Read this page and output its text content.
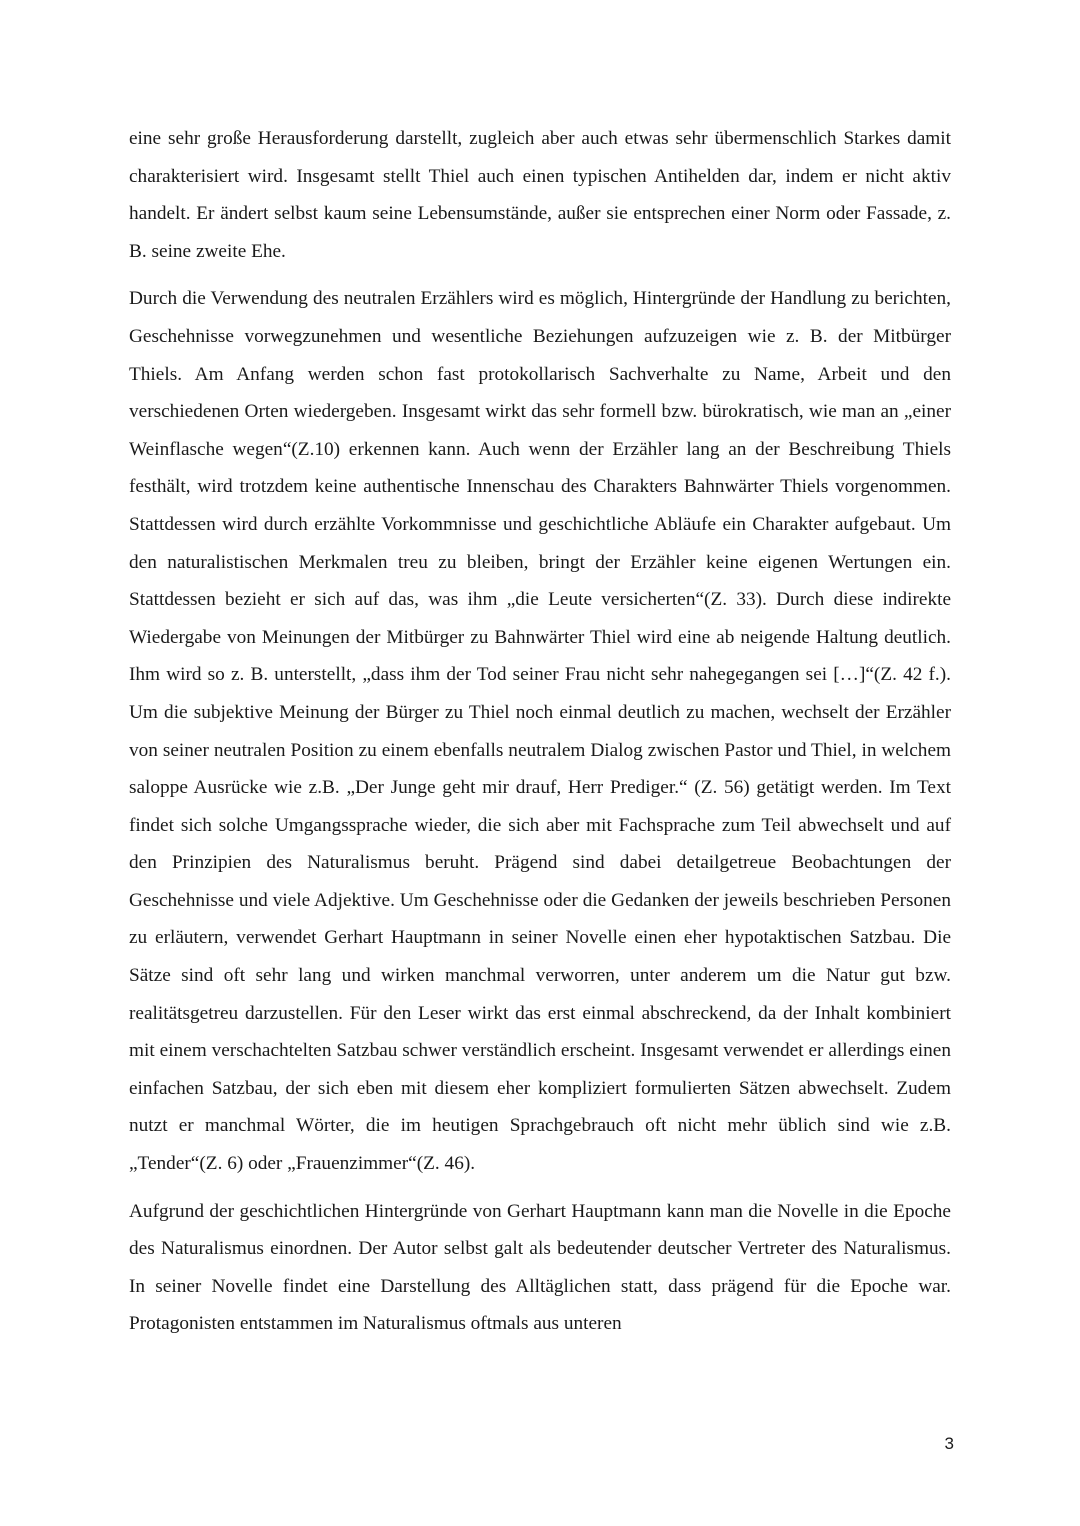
eine sehr große Herausforderung darstellt, zugleich aber auch etwas sehr übermenschlich Starkes damit charakterisiert wird. Insgesamt stellt Thiel auch einen typischen Antihelden dar, indem er nicht aktiv handelt. Er ändert selbst kaum seine Lebensumstände, außer sie entsprechen einer Norm oder Fassade, z. B. seine zweite Ehe.

Durch die Verwendung des neutralen Erzählers wird es möglich, Hintergründe der Handlung zu berichten, Geschehnisse vorwegzunehmen und wesentliche Beziehungen aufzuzeigen wie z. B. der Mitbürger Thiels. Am Anfang werden schon fast protokollarisch Sachverhalte zu Name, Arbeit und den verschiedenen Orten wiedergeben. Insgesamt wirkt das sehr formell bzw. bürokratisch, wie man an „einer Weinflasche wegen“(Z.10) erkennen kann. Auch wenn der Erzähler lang an der Beschreibung Thiels festhält, wird trotzdem keine authentische Innenschau des Charakters Bahnwärter Thiels vorgenommen. Stattdessen wird durch erzählte Vorkommnisse und geschichtliche Abläufe ein Charakter aufgebaut. Um den naturalistischen Merkmalen treu zu bleiben, bringt der Erzähler keine eigenen Wertungen ein. Stattdessen bezieht er sich auf das, was ihm „die Leute versicherten“(Z. 33). Durch diese indirekte Wiedergabe von Meinungen der Mitbürger zu Bahnwärter Thiel wird eine ab neigende Haltung deutlich. Ihm wird so z. B. unterstellt, „dass ihm der Tod seiner Frau nicht sehr nahegegangen sei […]“(Z. 42 f.). Um die subjektive Meinung der Bürger zu Thiel noch einmal deutlich zu machen, wechselt der Erzähler von seiner neutralen Position zu einem ebenfalls neutralem Dialog zwischen Pastor und Thiel, in welchem saloppe Ausrücke wie z.B. „Der Junge geht mir drauf, Herr Prediger.“ (Z. 56) getätigt werden. Im Text findet sich solche Umgangssprache wieder, die sich aber mit Fachsprache zum Teil abwechselt und auf den Prinzipien des Naturalismus beruht. Prägend sind dabei detailgetreue Beobachtungen der Geschehnisse und viele Adjektive. Um Geschehnisse oder die Gedanken der jeweils beschrieben Personen zu erläutern, verwendet Gerhart Hauptmann in seiner Novelle einen eher hypotaktischen Satzbau. Die Sätze sind oft sehr lang und wirken manchmal verworren, unter anderem um die Natur gut bzw. realitätsgetreu darzustellen. Für den Leser wirkt das erst einmal abschreckend, da der Inhalt kombiniert mit einem verschachtelten Satzbau schwer verständlich erscheint. Insgesamt verwendet er allerdings einen einfachen Satzbau, der sich eben mit diesem eher kompliziert formulierten Sätzen abwechselt. Zudem nutzt er manchmal Wörter, die im heutigen Sprachgebrauch oft nicht mehr üblich sind wie z.B. „Tender“(Z. 6) oder „Frauenzimmer“(Z. 46).

Aufgrund der geschichtlichen Hintergründe von Gerhart Hauptmann kann man die Novelle in die Epoche des Naturalismus einordnen. Der Autor selbst galt als bedeutender deutscher Vertreter des Naturalismus. In seiner Novelle findet eine Darstellung des Alltäglichen statt, dass prägend für die Epoche war. Protagonisten entstammen im Naturalismus oftmals aus unteren

3
